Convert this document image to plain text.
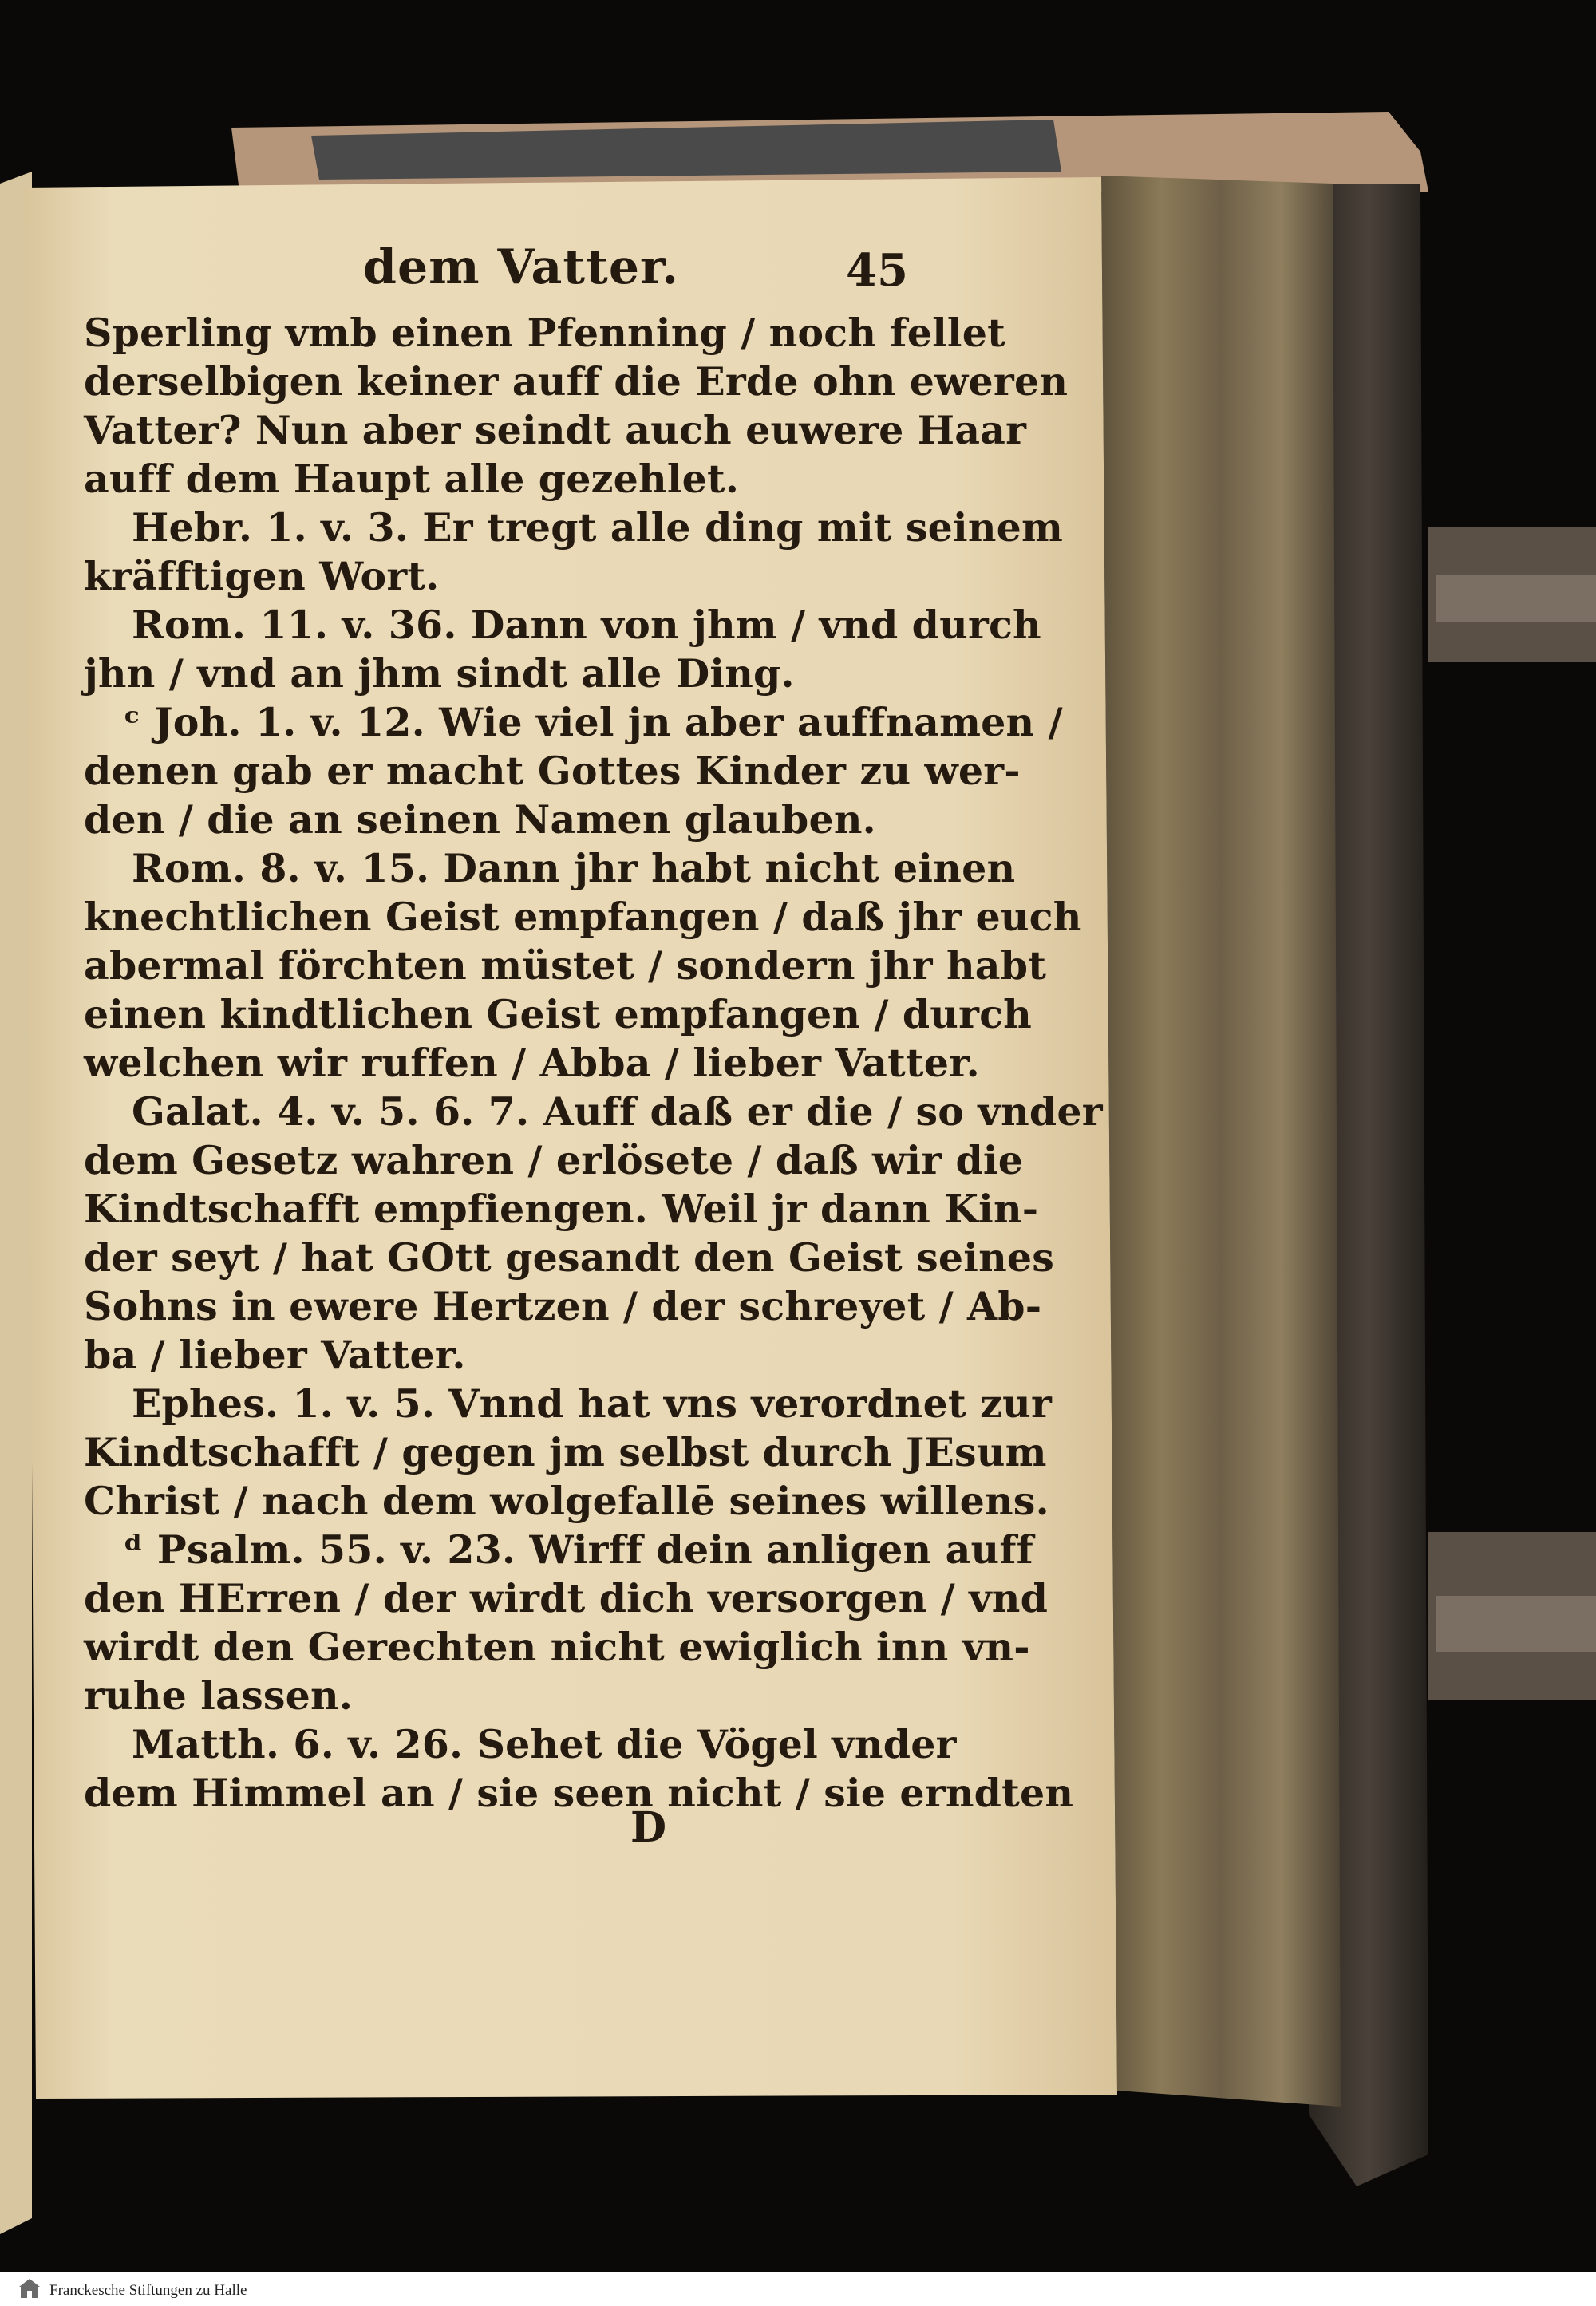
dem Vatter.	45
Sperling vmb einen Pfenning / noch fellet
derselbigen keiner auff die Erde ohn eweren
Vatter? Nun aber seindt auch euwere Haar
auff dem Haupt alle gezehlet.
Hebr. 1. v. 3. Er tregt alle ding mit seinem
kräfftigen Wort.
Rom. 11. v. 36. Dann von jhm / vnd durch
jhn / vnd an jhm sindt alle Ding.
ᶜ Joh. 1. v. 12. Wie viel jn aber auffnamen /
denen gab er macht Gottes Kinder zu wer-
den / die an seinen Namen glauben.
Rom. 8. v. 15. Dann jhr habt nicht einen
knechtlichen Geist empfangen / daß jhr euch
abermal förchten müstet / sondern jhr habt
einen kindtlichen Geist empfangen / durch
welchen wir ruffen / Abba / lieber Vatter.
Galat. 4. v. 5. 6. 7. Auff daß er die / so vnder
dem Gesetz wahren / erlösete / daß wir die
Kindtschafft empfiengen. Weil jr dann Kin-
der seyt / hat GOtt gesandt den Geist seines
Sohns in ewere Hertzen / der schreyet / Ab-
ba / lieber Vatter.
Ephes. 1. v. 5. Vnnd hat vns verordnet zur
Kindtschafft / gegen jm selbst durch JEsum
Christ / nach dem wolgefallē seines willens.
ᵈ Psalm. 55. v. 23. Wirff dein anligen auff
den HErren / der wirdt dich versorgen / vnd
wirdt den Gerechten nicht ewiglich inn vn-
ruhe lassen.
Matth. 6. v. 26. Sehet die Vögel vnder
dem Himmel an / sie seen nicht / sie erndten
D
Franckesche Stiftungen zu Halle
